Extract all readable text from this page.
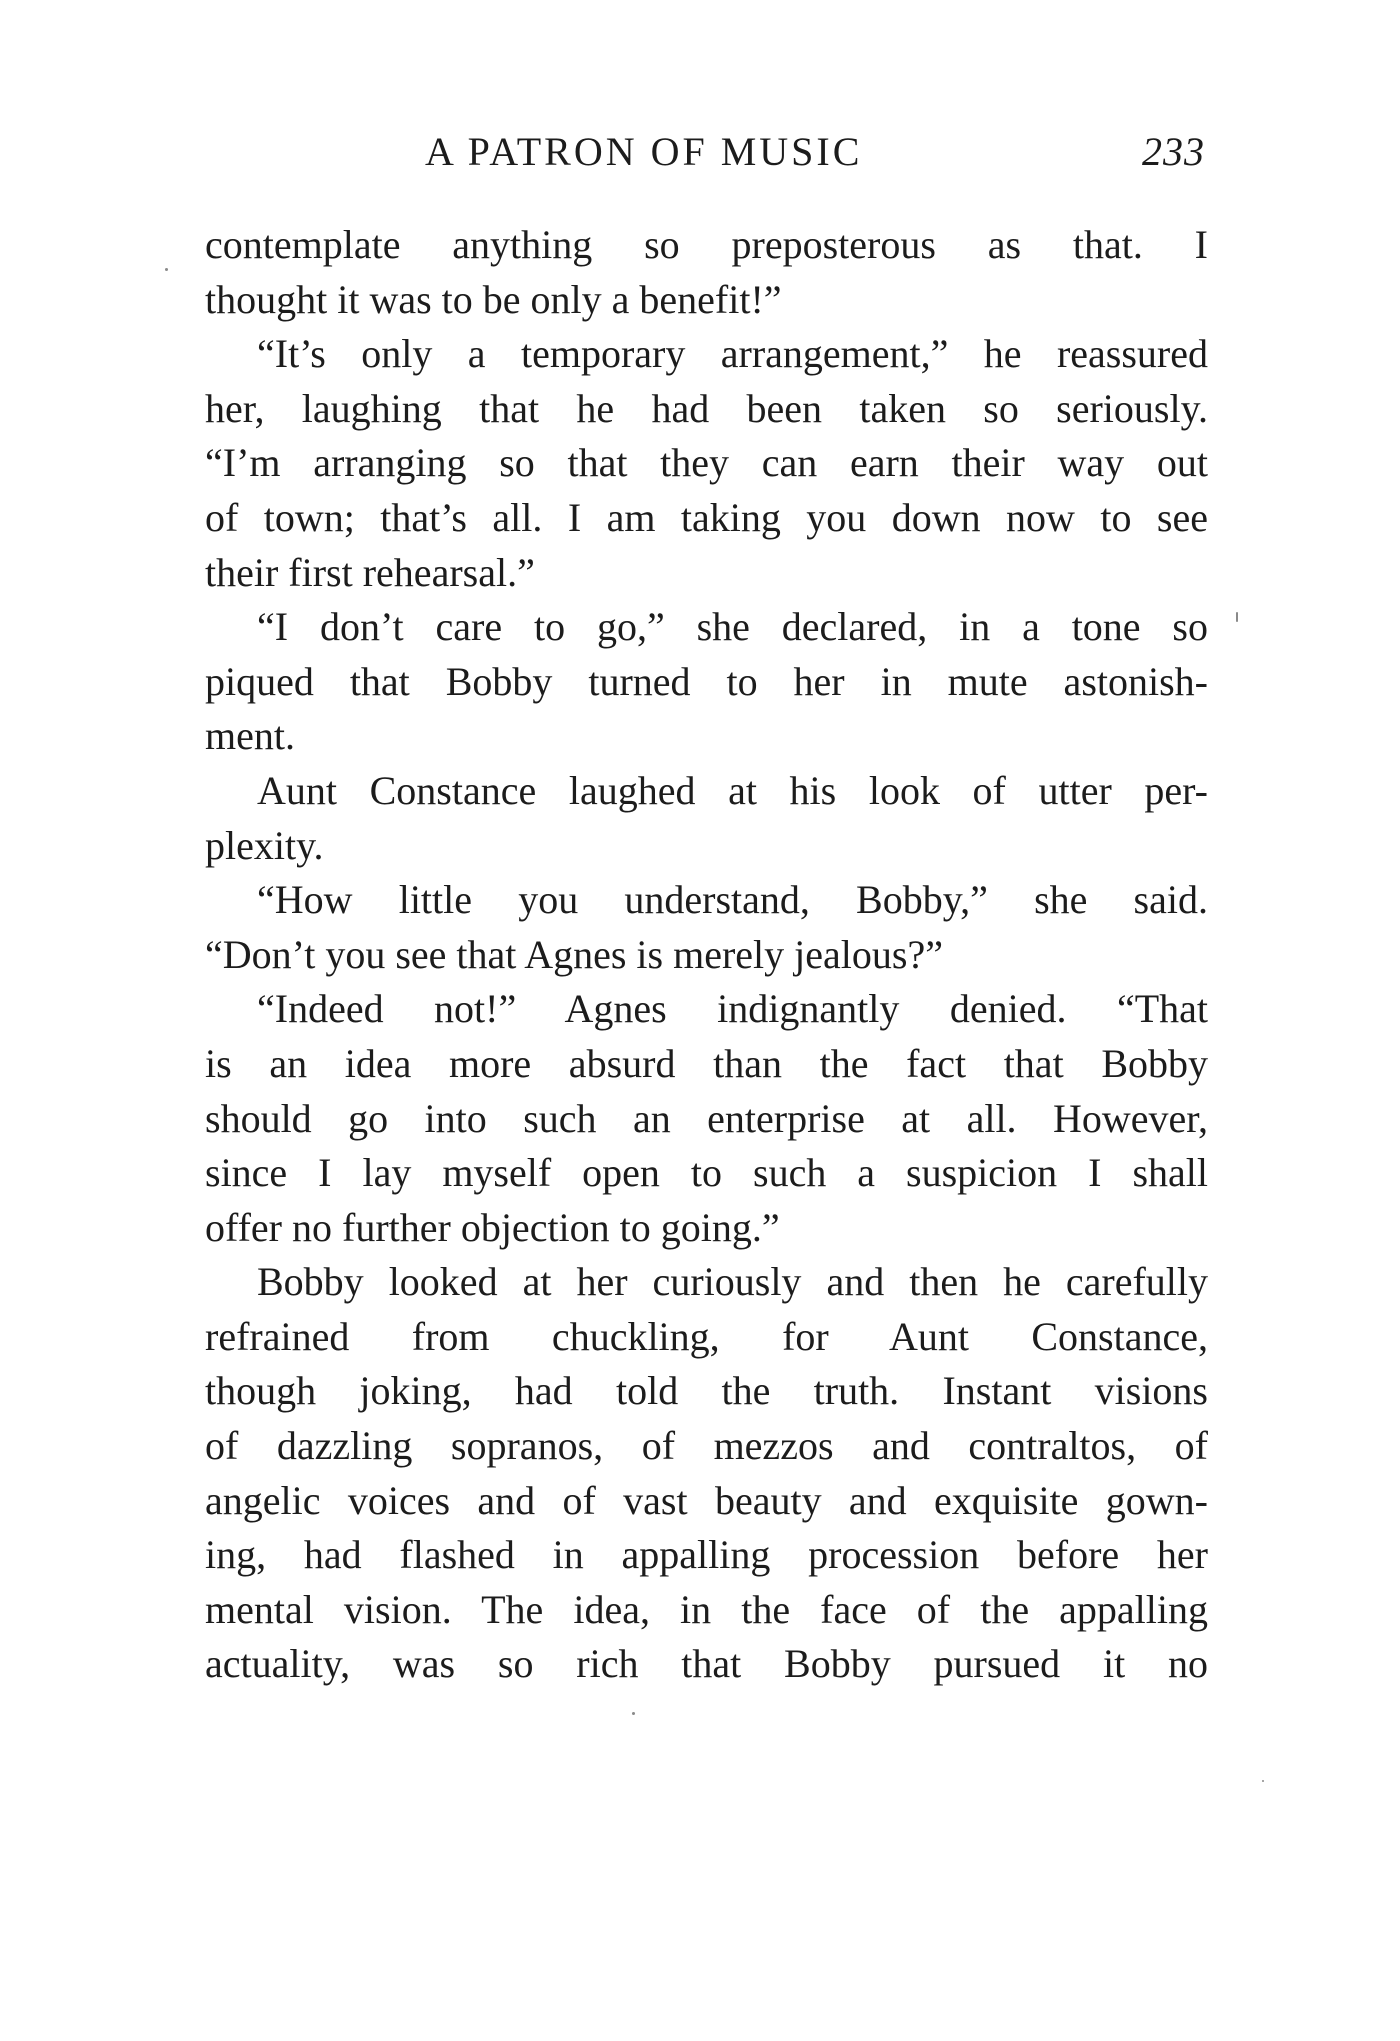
A PATRON OF MUSIC	233
contemplate anything so preposterous as that. I
thought it was to be only a benefit!”
“It’s only a temporary arrangement,” he reassured
her, laughing that he had been taken so seriously.
“I’m arranging so that they can earn their way out
of town; that’s all. I am taking you down now to see
their first rehearsal.”
“I don’t care to go,” she declared, in a tone so
piqued that Bobby turned to her in mute astonish-
ment.
Aunt Constance laughed at his look of utter per-
plexity.
“How little you understand, Bobby,” she said.
“Don’t you see that Agnes is merely jealous?”
“Indeed not!” Agnes indignantly denied. “That
is an idea more absurd than the fact that Bobby
should go into such an enterprise at all. However,
since I lay myself open to such a suspicion I shall
offer no further objection to going.”
Bobby looked at her curiously and then he carefully
refrained from chuckling, for Aunt Constance,
though joking, had told the truth. Instant visions
of dazzling sopranos, of mezzos and contraltos, of
angelic voices and of vast beauty and exquisite gown-
ing, had flashed in appalling procession before her
mental vision. The idea, in the face of the appalling
actuality, was so rich that Bobby pursued it no
